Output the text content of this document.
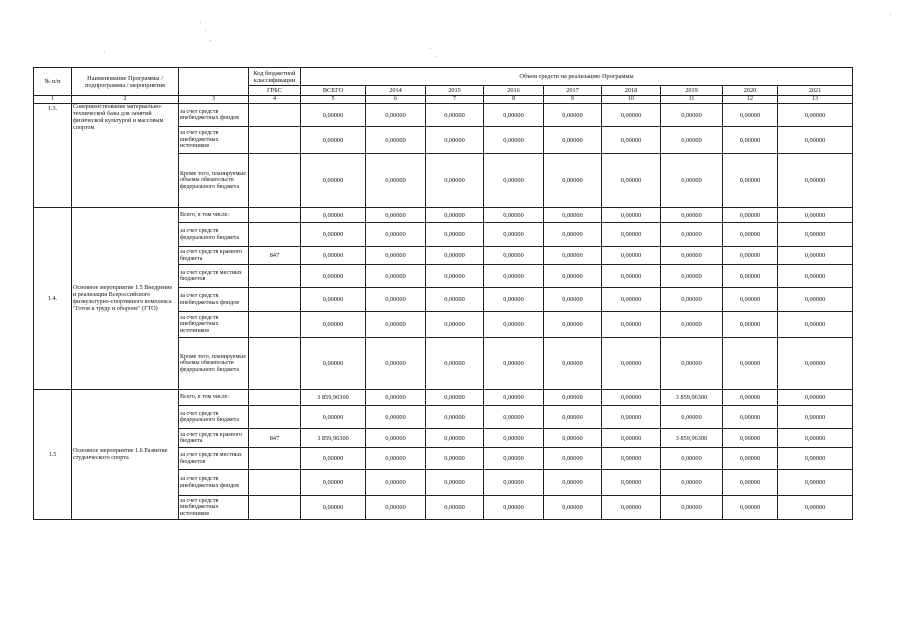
№ п/п	Наименование Программы / подпрограммы / мероприятия		Код бюджетной классификации	Объем средств на реализацию Программы								
			ГРБС	ВСЕГО	2014	2015	2016	2017	2018	2019	2020	2021
1	2	3	4	5	6	7	8	9	10	11	12	13
1.3.	Совершенствование материально-технической базы для занятий физической культурой и массовым спортом	за счет средств внебюджетных фондов		0,00000	0,00000	0,00000	0,00000	0,00000	0,00000	0,00000	0,00000	0,00000
		за счет средств внебюджетных источников		0,00000	0,00000	0,00000	0,00000	0,00000	0,00000	0,00000	0,00000	0,00000
		Кроме того, планируемые объемы обязательств федерального бюджета		0,00000	0,00000	0,00000	0,00000	0,00000	0,00000	0,00000	0,00000	0,00000
1.4.	Основное мероприятие 1.5 Внедрение и реализация Всероссийского физкультурно-спортивного комплекса "Готов к труду и обороне" (ГТО)	Всего, в том числе:		0,00000	0,00000	0,00000	0,00000	0,00000	0,00000	0,00000	0,00000	0,00000
		за счет средств федерального бюджета		0,00000	0,00000	0,00000	0,00000	0,00000	0,00000	0,00000	0,00000	0,00000
		за счет средств краевого бюджета	847	0,00000	0,00000	0,00000	0,00000	0,00000	0,00000	0,00000	0,00000	0,00000
		за счет средств местных бюджетов		0,00000	0,00000	0,00000	0,00000	0,00000	0,00000	0,00000	0,00000	0,00000
		за счет средств внебюджетных фондов		0,00000	0,00000	0,00000	0,00000	0,00000	0,00000	0,00000	0,00000	0,00000
		за счет средств внебюджетных источников		0,00000	0,00000	0,00000	0,00000	0,00000	0,00000	0,00000	0,00000	0,00000
		Кроме того, планируемые объемы обязательств федерального бюджета		0,00000	0,00000	0,00000	0,00000	0,00000	0,00000	0,00000	0,00000	0,00000
1.5	Основное мероприятие 1.6 Развитие студенческого спорта	Всего, в том числе:		3 859,96300	0,00000	0,00000	0,00000	0,00000	0,00000	3 859,96300	0,00000	0,00000
		за счет средств федерального бюджета		0,00000	0,00000	0,00000	0,00000	0,00000	0,00000	0,00000	0,00000	0,00000
		за счет средств краевого бюджета	847	3 859,96300	0,00000	0,00000	0,00000	0,00000	0,00000	3 859,96300	0,00000	0,00000
		за счет средств местных бюджетов		0,00000	0,00000	0,00000	0,00000	0,00000	0,00000	0,00000	0,00000	0,00000
		за счет средств внебюджетных фондов		0,00000	0,00000	0,00000	0,00000	0,00000	0,00000	0,00000	0,00000	0,00000
		за счет средств внебюджетных источников		0,00000	0,00000	0,00000	0,00000	0,00000	0,00000	0,00000	0,00000	0,00000
